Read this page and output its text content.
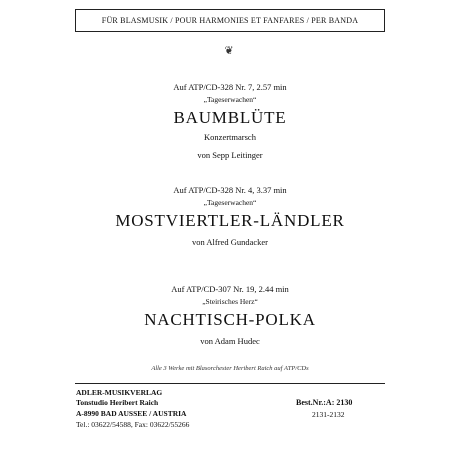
FÜR BLASMUSIK / POUR HARMONIES ET FANFARES / PER BANDA
❦
Auf ATP/CD-328 Nr. 7, 2.57 min
„Tageserwachen“
BAUMBLÜTE
Konzertmarsch
von Sepp Leitinger
Auf ATP/CD-328 Nr. 4, 3.37 min
„Tageserwachen“
MOSTVIERTLER-LÄNDLER
von Alfred Gundacker
Auf ATP/CD-307 Nr. 19, 2.44 min
„Steirisches Herz“
NACHTISCH-POLKA
von Adam Hudec
Alle 3 Werke mit Blasorchester Heribert Raich auf ATP/CDs
ADLER-MUSIKVERLAG
Tonstudio Heribert Raich
A-8990 BAD AUSSEE / AUSTRIA
Tel.: 03622/54588, Fax: 03622/55266
Best.Nr.:A: 2130
2131-2132
